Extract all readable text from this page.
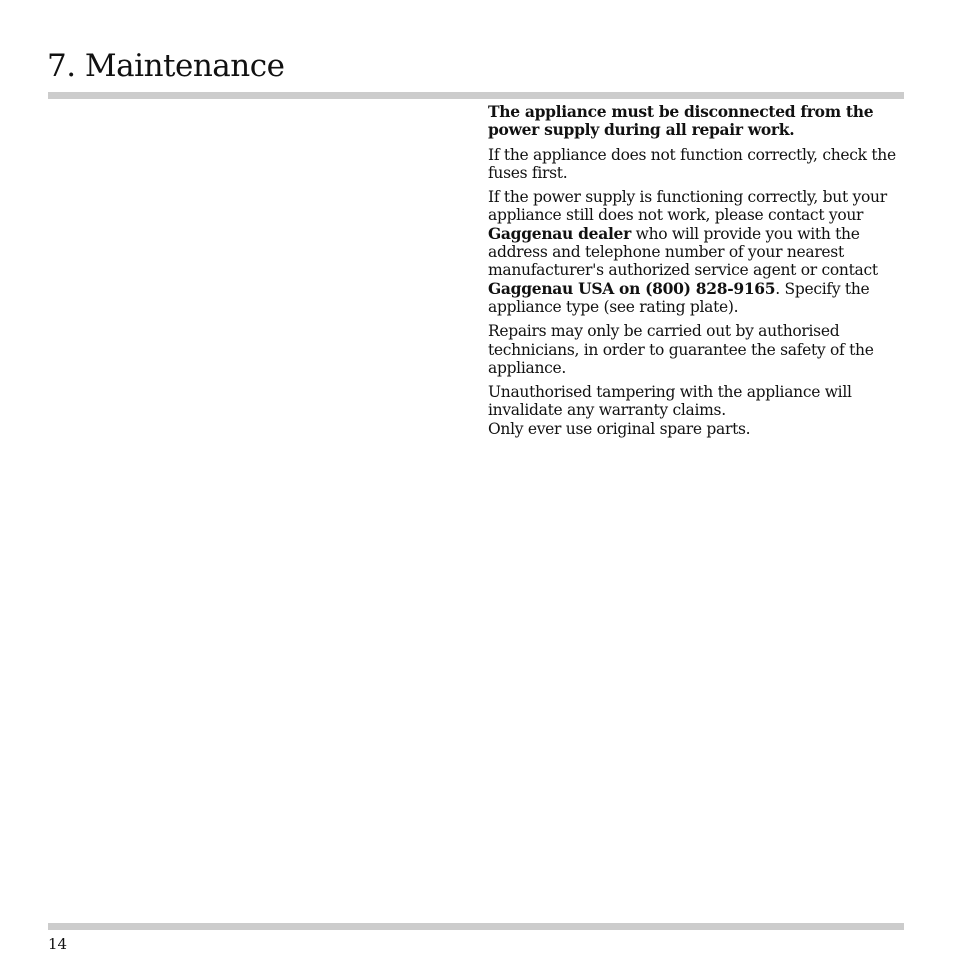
7. Maintenance

The appliance must be disconnected from the power supply during all repair work.

If the appliance does not function correctly, check the fuses first.

If the power supply is functioning correctly, but your appliance still does not work, please contact your Gaggenau dealer who will provide you with the address and telephone number of your nearest manufacturer's authorized service agent or contact Gaggenau USA on (800) 828-9165. Specify the appliance type (see rating plate).

Repairs may only be carried out by authorised technicians, in order to guarantee the safety of the appliance.

Unauthorised tampering with the appliance will invalidate any warranty claims.
Only ever use original spare parts.

14
